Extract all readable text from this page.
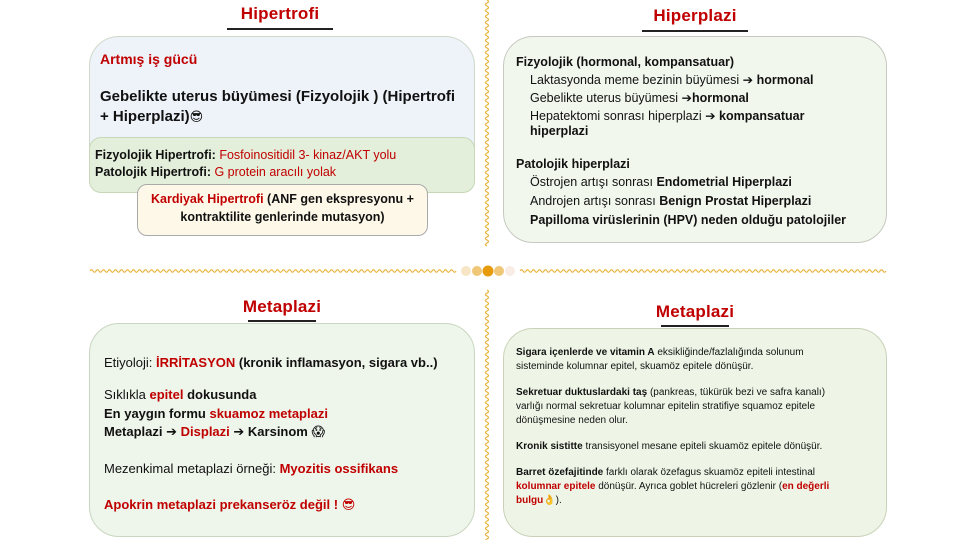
Hipertrofi
Artmış iş gücü
Gebelikte uterus büyümesi (Fizyolojik ) (Hipertrofi
+ Hiperplazi)😎
Fizyolojik Hipertrofi: Fosfoinositidil 3- kinaz/AKT yolu
Patolojik Hipertrofi: G protein aracılı yolak
Kardiyak Hipertrofi (ANF gen ekspresyonu +
kontraktilite genlerinde mutasyon)
Hiperplazi
Fizyolojik (hormonal, kompansatuar)
Laktasyonda meme bezinin büyümesi ➔ hormonal
Gebelikte uterus büyümesi ➔hormonal
Hepatektomi sonrası hiperplazi ➔ kompansatuar
hiperplazi
Patolojik hiperplazi
Östrojen artışı sonrası Endometrial Hiperplazi
Androjen artışı sonrası Benign Prostat Hiperplazi
Papilloma virüslerinin (HPV) neden olduğu patolojiler
Metaplazi
Etiyoloji: İRRİTASYON (kronik inflamasyon, sigara vb..)
Sıklıkla epitel dokusunda
En yaygın formu skuamoz metaplazi
Metaplazi ➔ Displazi ➔ Karsinom 😱
Mezenkimal metaplazi örneği: Myozitis ossifikans
Apokrin metaplazi prekanseröz değil ! 😎
Metaplazi
Sigara içenlerde ve vitamin A eksikliğinde/fazlalığında solunum
sisteminde kolumnar epitel, skuamöz epitele dönüşür.
Sekretuar duktuslardaki taş (pankreas, tükürük bezi ve safra kanalı)
varlığı normal sekretuar kolumnar epitelin stratifiye squamoz epitele
dönüşmesine neden olur.
Kronik sistitte transisyonel mesane epiteli skuamöz epitele dönüşür.
Barret özefajitinde farklı olarak özefagus skuamöz epiteli intestinal
kolumnar epitele dönüşür. Ayrıca goblet hücreleri gözlenir (en değerli
bulgu👌).
